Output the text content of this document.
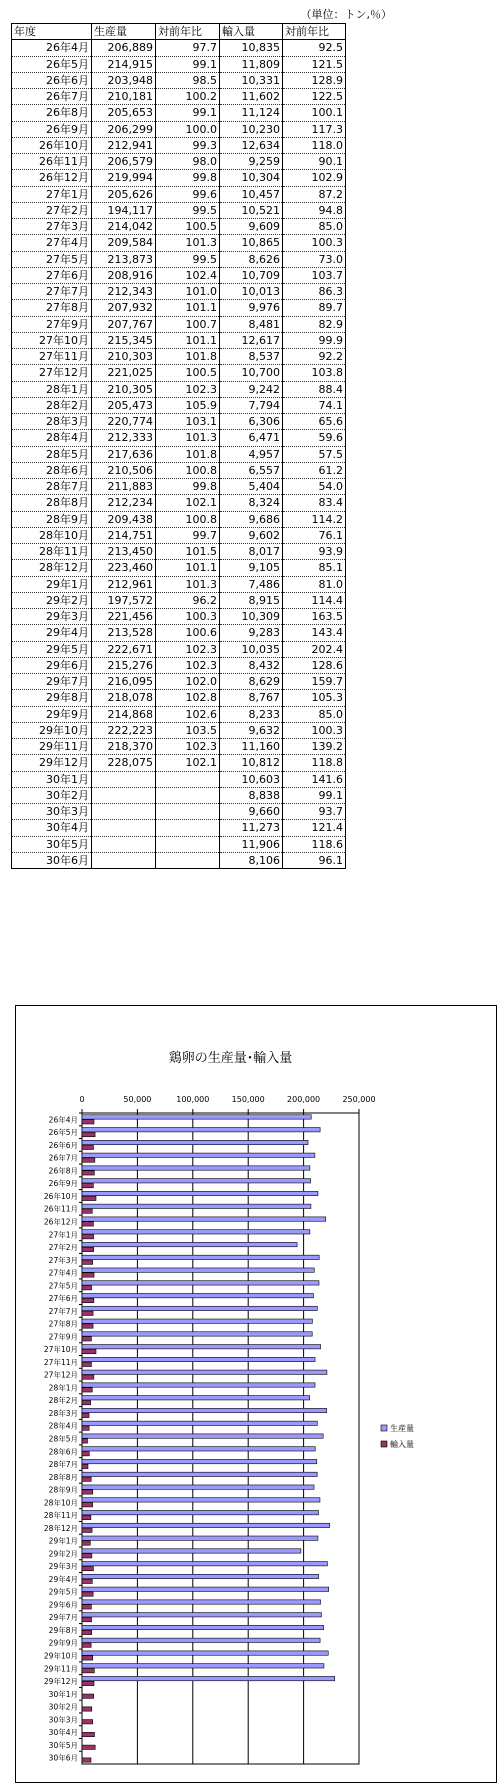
（単位：トン,％）
年度	生産量	対前年比	輸入量	対前年比
26年4月	206,889	97.7	10,835	92.5
26年5月	214,915	99.1	11,809	121.5
26年6月	203,948	98.5	10,331	128.9
26年7月	210,181	100.2	11,602	122.5
26年8月	205,653	99.1	11,124	100.1
26年9月	206,299	100.0	10,230	117.3
26年10月	212,941	99.3	12,634	118.0
26年11月	206,579	98.0	9,259	90.1
26年12月	219,994	99.8	10,304	102.9
27年1月	205,626	99.6	10,457	87.2
27年2月	194,117	99.5	10,521	94.8
27年3月	214,042	100.5	9,609	85.0
27年4月	209,584	101.3	10,865	100.3
27年5月	213,873	99.5	8,626	73.0
27年6月	208,916	102.4	10,709	103.7
27年7月	212,343	101.0	10,013	86.3
27年8月	207,932	101.1	9,976	89.7
27年9月	207,767	100.7	8,481	82.9
27年10月	215,345	101.1	12,617	99.9
27年11月	210,303	101.8	8,537	92.2
27年12月	221,025	100.5	10,700	103.8
28年1月	210,305	102.3	9,242	88.4
28年2月	205,473	105.9	7,794	74.1
28年3月	220,774	103.1	6,306	65.6
28年4月	212,333	101.3	6,471	59.6
28年5月	217,636	101.8	4,957	57.5
28年6月	210,506	100.8	6,557	61.2
28年7月	211,883	99.8	5,404	54.0
28年8月	212,234	102.1	8,324	83.4
28年9月	209,438	100.8	9,686	114.2
28年10月	214,751	99.7	9,602	76.1
28年11月	213,450	101.5	8,017	93.9
28年12月	223,460	101.1	9,105	85.1
29年1月	212,961	101.3	7,486	81.0
29年2月	197,572	96.2	8,915	114.4
29年3月	221,456	100.3	10,309	163.5
29年4月	213,528	100.6	9,283	143.4
29年5月	222,671	102.3	10,035	202.4
29年6月	215,276	102.3	8,432	128.6
29年7月	216,095	102.0	8,629	159.7
29年8月	218,078	102.8	8,767	105.3
29年9月	214,868	102.6	8,233	85.0
29年10月	222,223	103.5	9,632	100.3
29年11月	218,370	102.3	11,160	139.2
29年12月	228,075	102.1	10,812	118.8
30年1月			10,603	141.6
30年2月			8,838	99.1
30年3月			9,660	93.7
30年4月			11,273	121.4
30年5月			11,906	118.6
30年6月			8,106	96.1
鶏卵の生産量･輸入量
0	50,000	100,000	150,000	200,000	250,000
26年4月
26年5月
26年6月
26年7月
26年8月
26年9月
26年10月
26年11月
26年12月
27年1月
27年2月
27年3月
27年4月
27年5月
27年6月
27年7月
27年8月
27年9月
27年10月
27年11月
27年12月
28年1月
28年2月
28年3月
28年4月
28年5月
28年6月
28年7月
28年8月
28年9月
28年10月
28年11月
28年12月
29年1月
29年2月
29年3月
29年4月
29年5月
29年6月
29年7月
29年8月
29年9月
29年10月
29年11月
29年12月
30年1月
30年2月
30年3月
30年4月
30年5月
30年6月
生産量
輸入量
